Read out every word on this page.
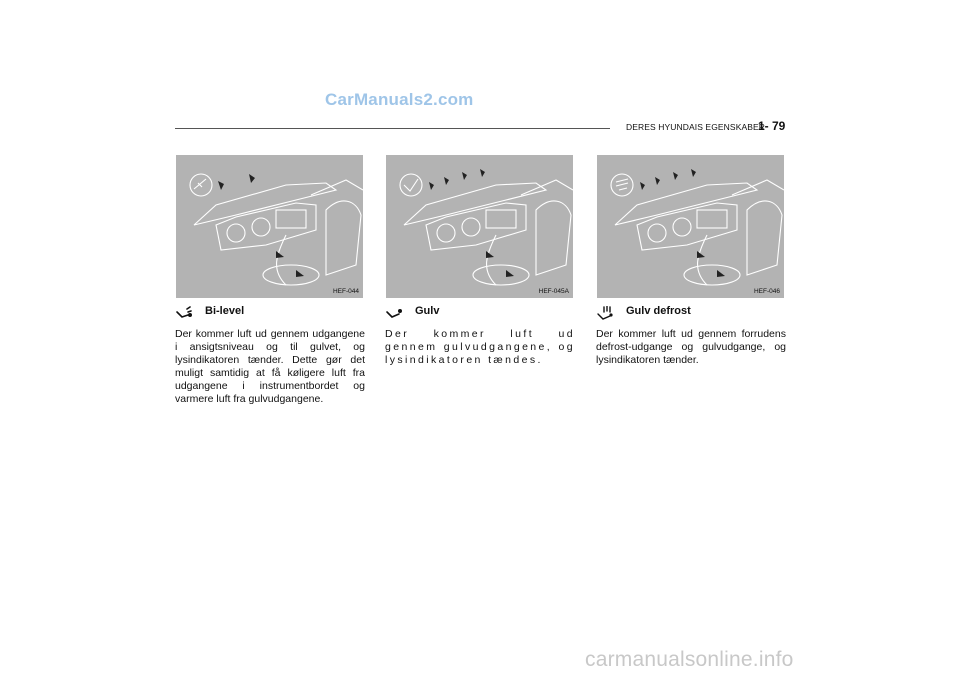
CarManuals2.com
DERES HYUNDAIS EGENSKABER
1- 79
HEF-044	HEF-045A	HEF-046
Bi-level
Der kommer luft ud gennem udgangene i ansigtsniveau og til gulvet, og lysindikatoren tænder. Dette gør det muligt samtidig at få køligere luft fra udgangene i instrumentbordet og varmere luft fra gulvudgangene.
Gulv
Der kommer luft ud gennem gulvudgangene, og lysindikatoren tændes.
Gulv defrost
Der kommer luft ud gennem forrudens defrost-udgange og gulvudgange, og lysindikatoren tænder.
carmanualsonline.info
